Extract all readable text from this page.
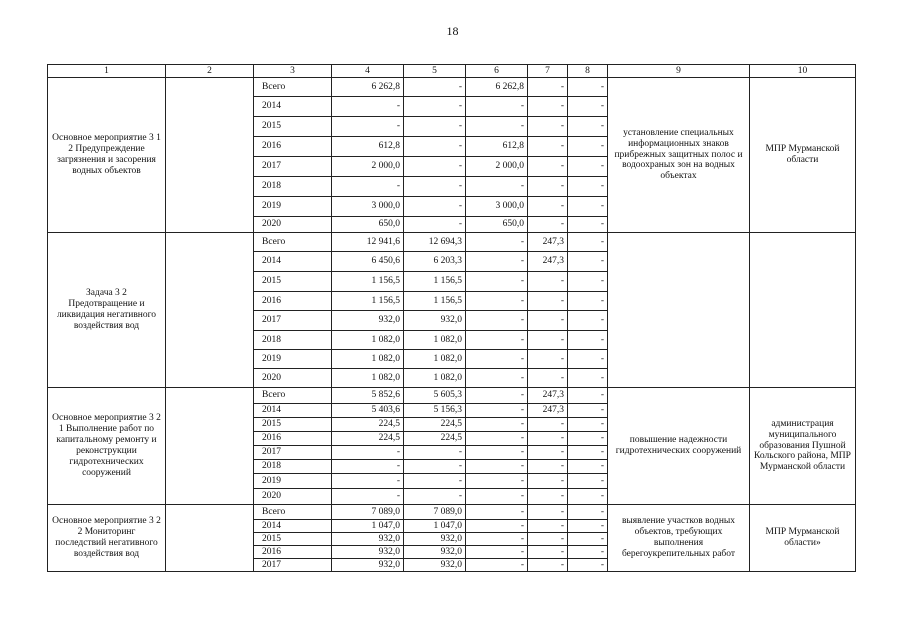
18
1	2	3	4	5	6	7	8	9	10
Основное мероприятие 3 1 2 Предупреждение загрязнения и засорения водных объектов		Всего	6 262,8	-	6 262,8	-	-	установление специальных информационных знаков прибрежных защитных полос и водоохраных зон на водных объектах	МПР Мурманской области
		2014	-	-	-	-	-		
		2015	-	-	-	-	-		
		2016	612,8	-	612,8	-	-		
		2017	2 000,0	-	2 000,0	-	-		
		2018	-	-	-	-	-		
		2019	3 000,0	-	3 000,0	-	-		
		2020	650,0	-	650,0	-	-		
Задача 3 2 Предотвращение и ликвидация негативного воздействия вод		Всего	12 941,6	12 694,3	-	247,3	-		
		2014	6 450,6	6 203,3	-	247,3	-		
		2015	1 156,5	1 156,5	-	-	-		
		2016	1 156,5	1 156,5	-	-	-		
		2017	932,0	932,0	-	-	-		
		2018	1 082,0	1 082,0	-	-	-		
		2019	1 082,0	1 082,0	-	-	-		
		2020	1 082,0	1 082,0	-	-	-		
Основное мероприятие 3 2 1 Выполнение работ по капитальному ремонту и реконструкции гидротехнических сооружений		Всего	5 852,6	5 605,3	-	247,3	-	повышение надежности гидротехнических сооружений	администрация муниципального образования Пушной Кольского района, МПР Мурманской области
		2014	5 403,6	5 156,3	-	247,3	-		
		2015	224,5	224,5	-	-	-		
		2016	224,5	224,5	-	-	-		
		2017	-	-	-	-	-		
		2018	-	-	-	-	-		
		2019	-	-	-	-	-		
		2020	-	-	-	-	-		
Основное мероприятие 3 2 2 Мониторинг последствий негативного воздействия вод		Всего	7 089,0	7 089,0	-	-	-	выявление участков водных объектов, требующих выполнения берегоукрепительных работ	МПР Мурманской области»
		2014	1 047,0	1 047,0	-	-	-		
		2015	932,0	932,0	-	-	-		
		2016	932,0	932,0	-	-	-		
		2017	932,0	932,0	-	-	-		
